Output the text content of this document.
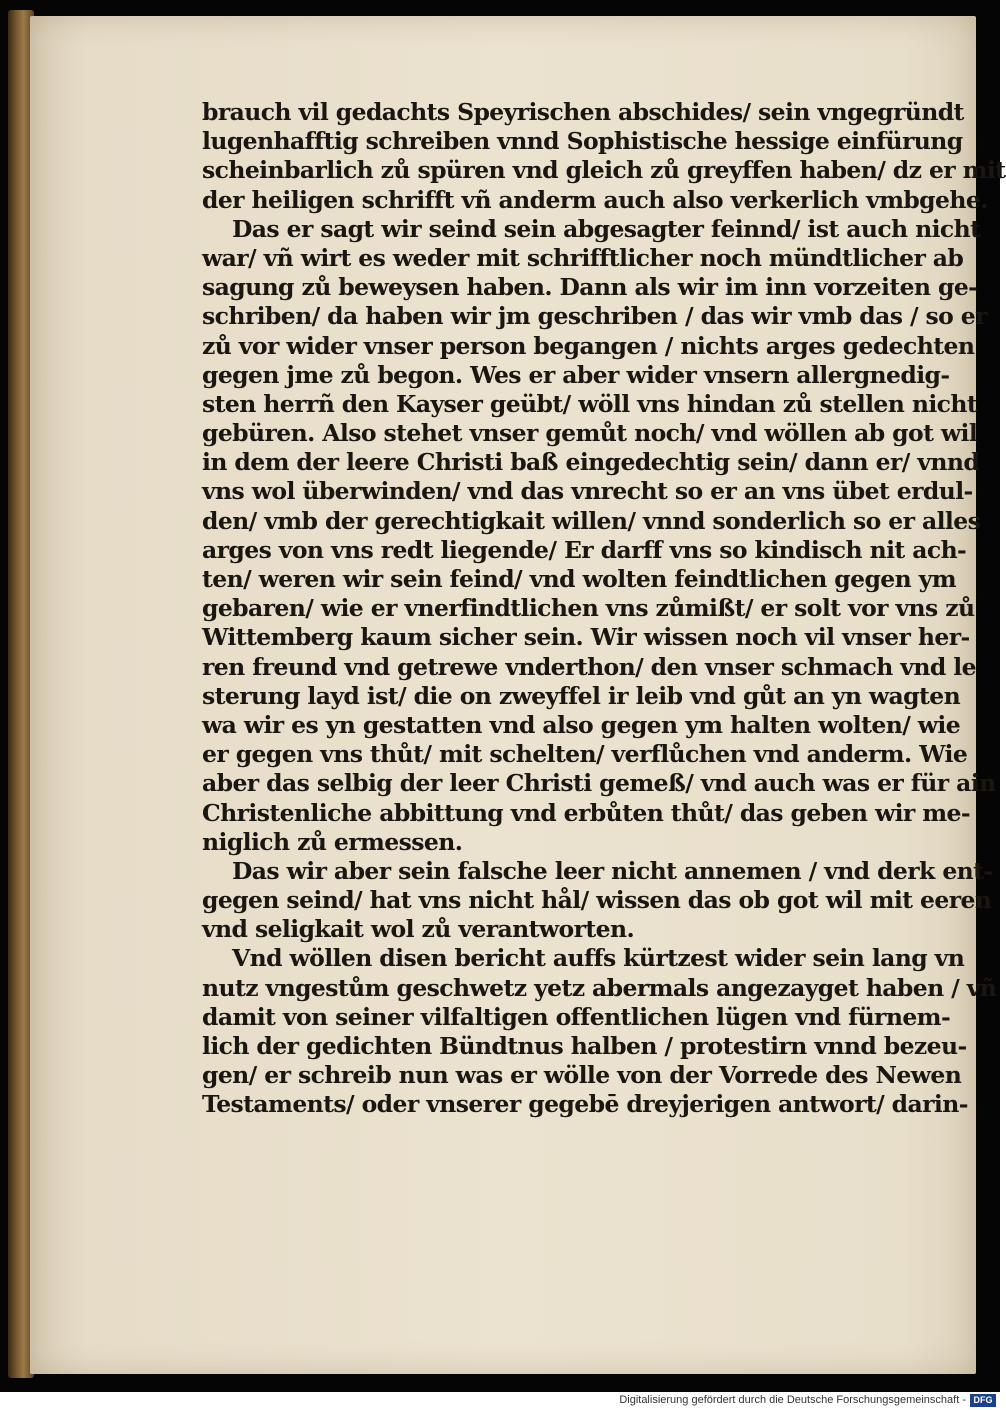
brauch vil gedachts Speyrischen abschides/ sein vngegründt
lugenhafftig schreiben vnnd Sophistische hessige einfürung
scheinbarlich zů spüren vnd gleich zů greyffen haben/ dz er mit
der heiligen schrifft vñ anderm auch also verkerlich vmbgehe.
Das er sagt wir seind sein abgesagter feinnd/ ist auch nicht
war/ vñ wirt es weder mit schrifftlicher noch mündtlicher ab
sagung zů beweysen haben. Dann als wir im inn vorzeiten ge-
schriben/ da haben wir jm geschriben / das wir vmb das / so er
zů vor wider vnser person begangen / nichts arges gedechten
gegen jme zů begon. Wes er aber wider vnsern allergnedig-
sten herrñ den Kayser geübt/ wöll vns hindan zů stellen nicht
gebüren. Also stehet vnser gemůt noch/ vnd wöllen ab got wil
in dem der leere Christi baß eingedechtig sein/ dann er/ vnnd
vns wol überwinden/ vnd das vnrecht so er an vns übet erdul-
den/ vmb der gerechtigkait willen/ vnnd sonderlich so er alles
arges von vns redt liegende/ Er darff vns so kindisch nit ach-
ten/ weren wir sein feind/ vnd wolten feindtlichen gegen ym
gebaren/ wie er vnerfindtlichen vns zůmißt/ er solt vor vns zů
Wittemberg kaum sicher sein. Wir wissen noch vil vnser her-
ren freund vnd getrewe vnderthon/ den vnser schmach vnd le
sterung layd ist/ die on zweyffel ir leib vnd gůt an yn wagten
wa wir es yn gestatten vnd also gegen ym halten wolten/ wie
er gegen vns thůt/ mit schelten/ verflůchen vnd anderm. Wie
aber das selbig der leer Christi gemeß/ vnd auch was er für ain
Christenliche abbittung vnd erbůten thůt/ das geben wir me-
niglich zů ermessen.
Das wir aber sein falsche leer nicht annemen / vnd derk ent-
gegen seind/ hat vns nicht hål/ wissen das ob got wil mit eeren
vnd seligkait wol zů verantworten.
Vnd wöllen disen bericht auffs kürtzest wider sein lang vn
nutz vngestům geschwetz yetz abermals angezayget haben / vñ
damit von seiner vilfaltigen offentlichen lügen vnd fürnem-
lich der gedichten Bündtnus halben / protestirn vnnd bezeu-
gen/ er schreib nun was er wölle von der Vorrede des Newen
Testaments/ oder vnserer gegebē dreyjerigen antwort/ darin-
Digitalisierung gefördert durch die Deutsche Forschungsgemeinschaft - DFG
